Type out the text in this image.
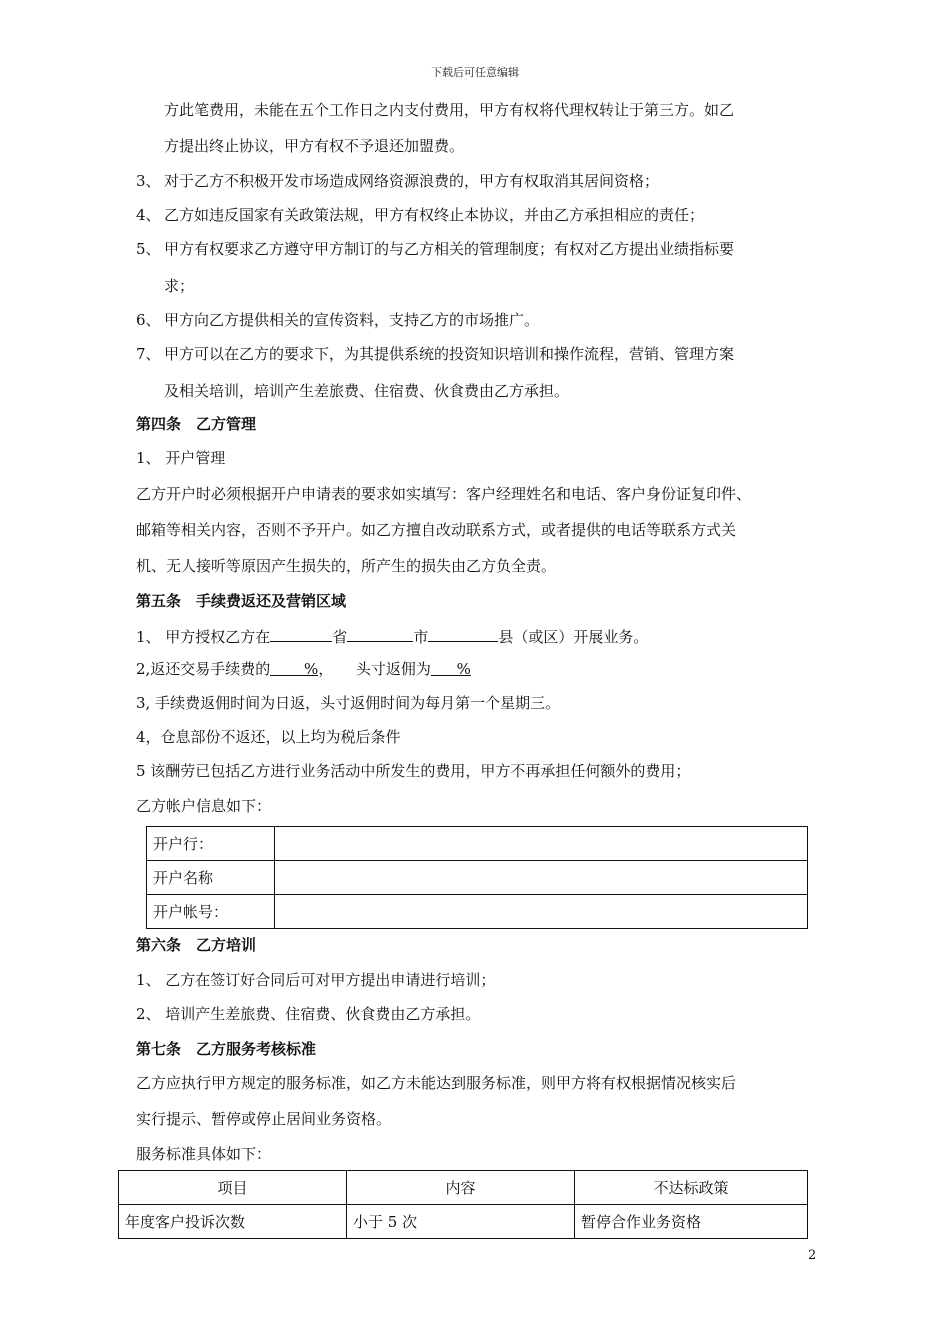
下载后可任意编辑
方此笔费用，未能在五个工作日之内支付费用，甲方有权将代理权转让于第三方。如乙
方提出终止协议，甲方有权不予退还加盟费。
3、 对于乙方不积极开发市场造成网络资源浪费的，甲方有权取消其居间资格；
4、 乙方如违反国家有关政策法规，甲方有权终止本协议，并由乙方承担相应的责任；
5、 甲方有权要求乙方遵守甲方制订的与乙方相关的管理制度；有权对乙方提出业绩指标要
求；
6、 甲方向乙方提供相关的宣传资料，支持乙方的市场推广。
7、 甲方可以在乙方的要求下，为其提供系统的投资知识培训和操作流程，营销、管理方案
及相关培训，培训产生差旅费、住宿费、伙食费由乙方承担。
第四条　乙方管理
1、 开户管理
乙方开户时必须根据开户申请表的要求如实填写：客户经理姓名和电话、客户身份证复印件、
邮箱等相关内容，否则不予开户。如乙方擅自改动联系方式，或者提供的电话等联系方式关
机、无人接听等原因产生损失的，所产生的损失由乙方负全责。
第五条　手续费返还及营销区域
1、 甲方授权乙方在	省	市	县（或区）开展业务。
2,返还交易手续费的 %，　　头寸返佣为 %
3, 手续费返佣时间为日返，头寸返佣时间为每月第一个星期三。
4，仓息部份不返还，以上均为税后条件
5 该酬劳已包括乙方进行业务活动中所发生的费用，甲方不再承担任何额外的费用；
乙方帐户信息如下：
开户行：	
开户名称	
开户帐号：	
第六条　乙方培训
1、 乙方在签订好合同后可对甲方提出申请进行培训；
2、 培训产生差旅费、住宿费、伙食费由乙方承担。
第七条　乙方服务考核标准
乙方应执行甲方规定的服务标准，如乙方未能达到服务标准，则甲方将有权根据情况核实后
实行提示、暂停或停止居间业务资格。
服务标准具体如下：
项目	内容	不达标政策
年度客户投诉次数	小于 5 次	暂停合作业务资格
2
